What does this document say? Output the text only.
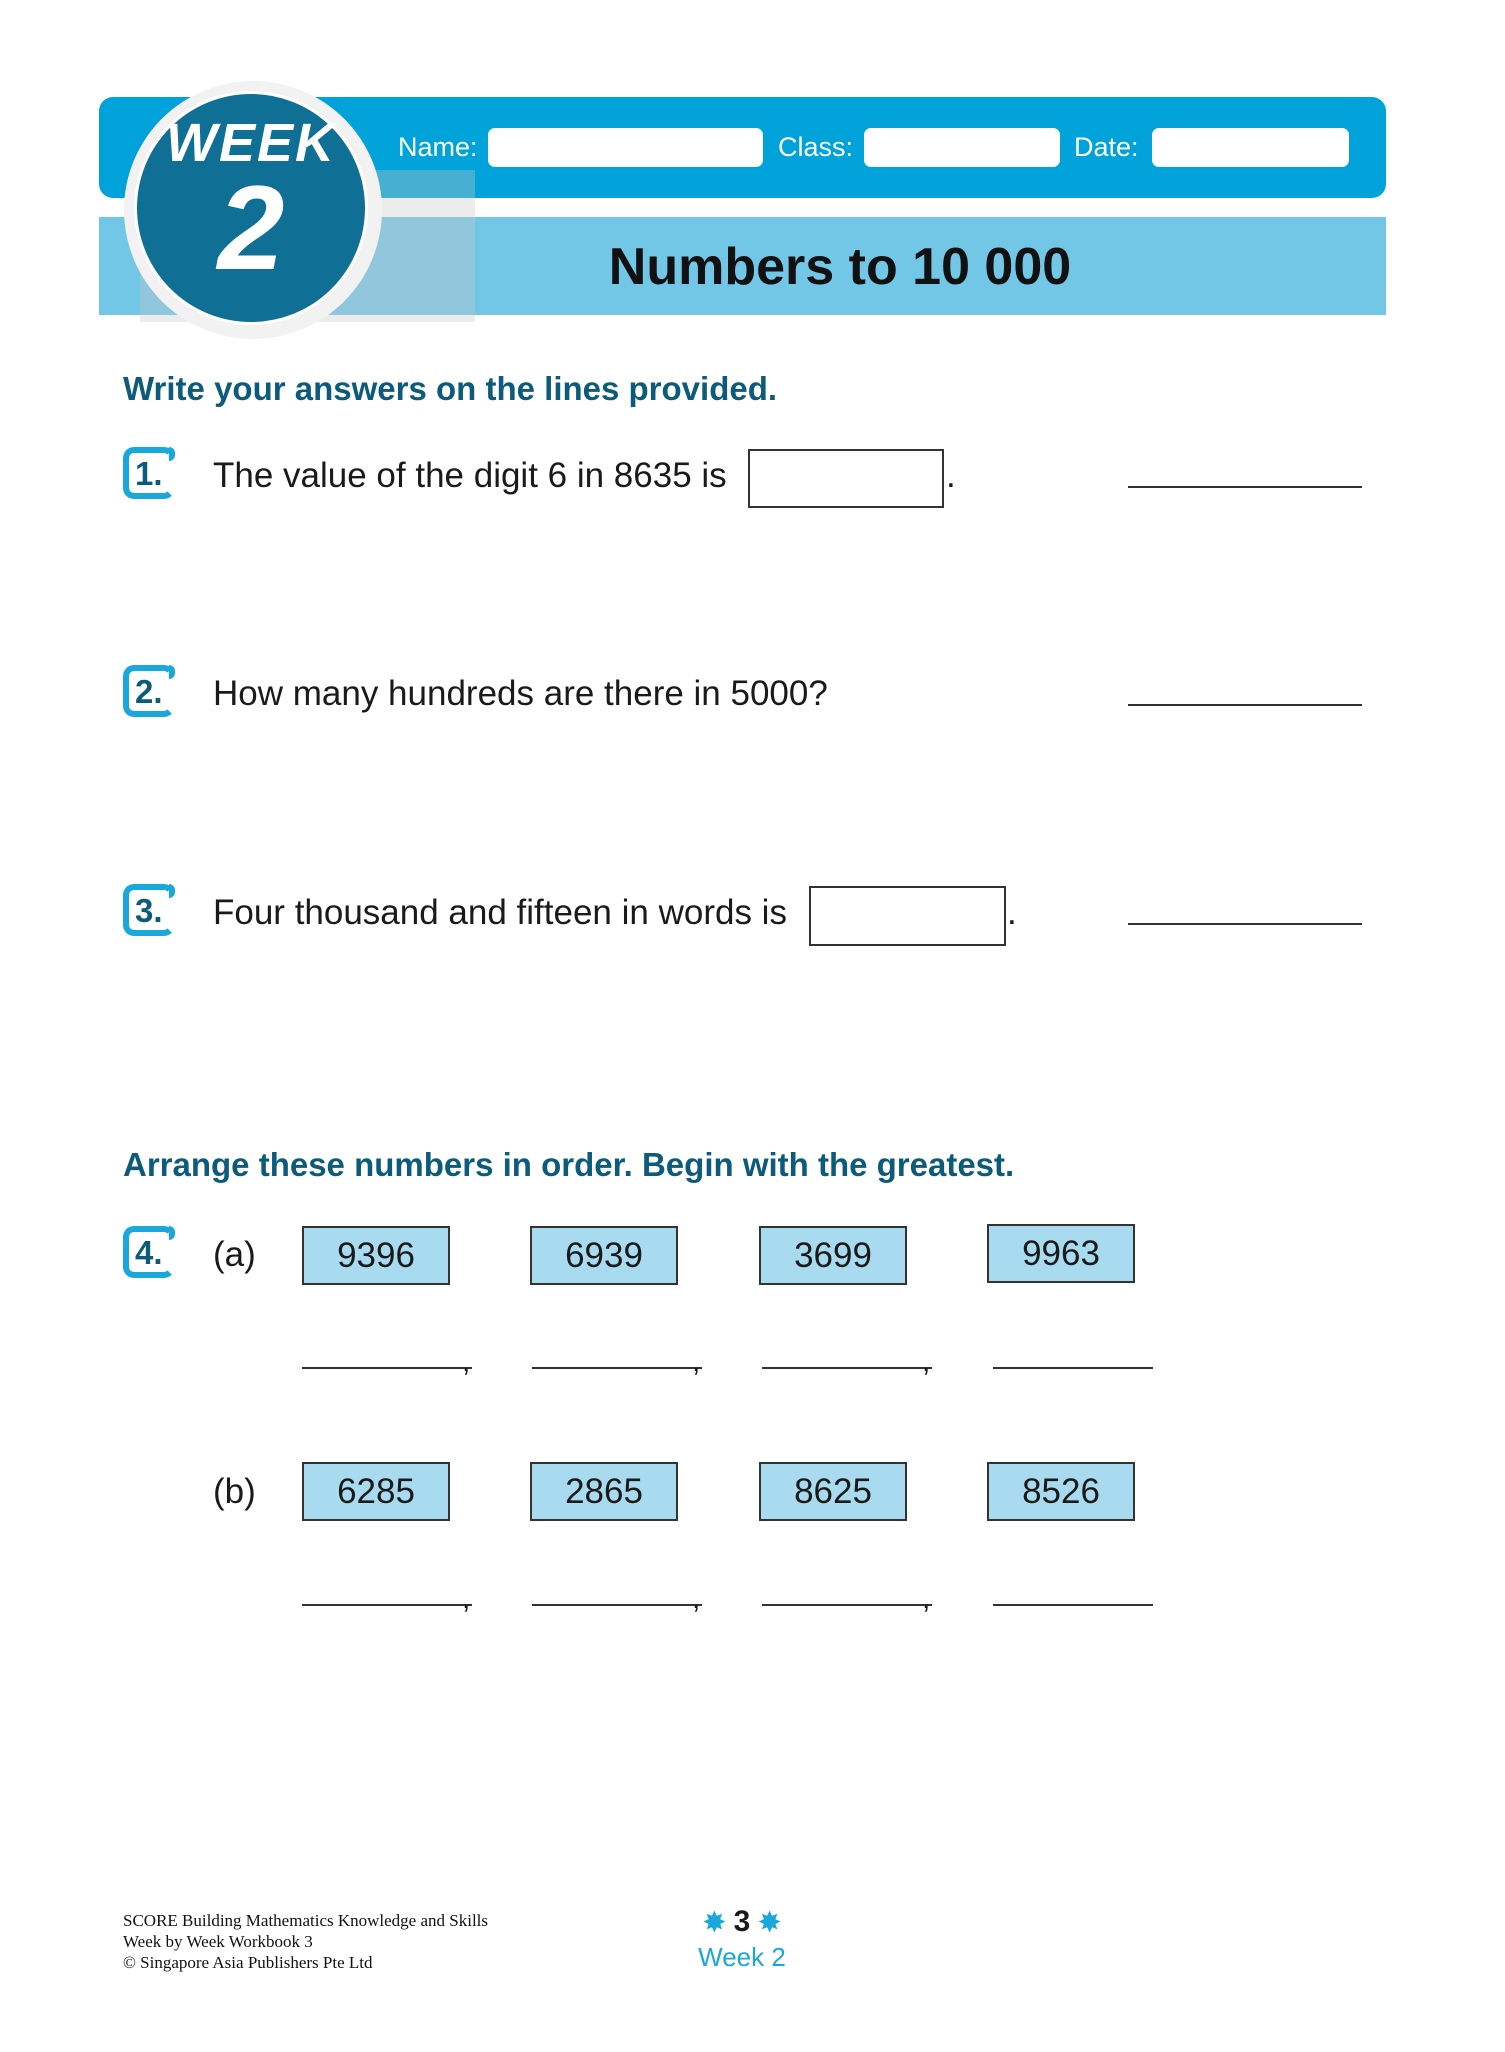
WEEK
2
Name:	Class:	Date:
Numbers to 10 000
Write your answers on the lines provided.
1. The value of the digit 6 in 8635 is	.
2. How many hundreds are there in 5000?
3. Four thousand and fifteen in words is	.
Arrange these numbers in order. Begin with the greatest.
4. (a)	9396	6939	3699	9963
,	,	,
(b)	6285	2865	8625	8526
,	,	,
SCORE Building Mathematics Knowledge and Skills
Week by Week Workbook 3
© Singapore Asia Publishers Pte Ltd
✸ 3 ✸
Week 2
